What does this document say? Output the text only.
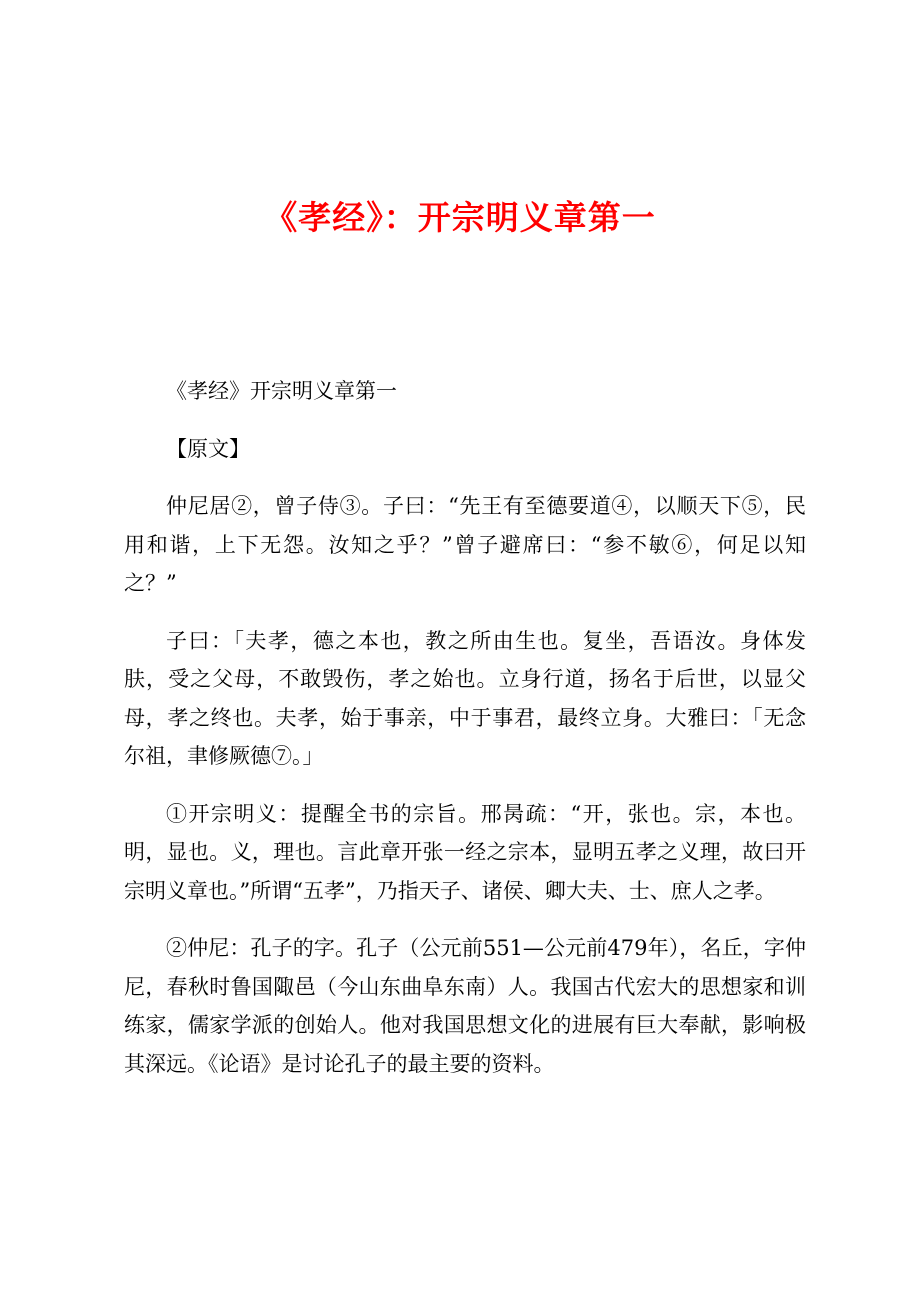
《孝经》：开宗明义章第一

《孝经》开宗明义章第一

【原文】

仲尼居②，曾子侍③。子曰：“先王有至德要道④，以顺天下⑤，民用和谐，上下无怨。汝知之乎？”曾子避席曰：“参不敏⑥，何足以知之？”

子曰：「夫孝，德之本也，教之所由生也。复坐，吾语汝。身体发肤，受之父母，不敢毁伤，孝之始也。立身行道，扬名于后世，以显父母，孝之终也。夫孝，始于事亲，中于事君，最终立身。大雅曰：「无念尔祖，聿修厥德⑦。」

①开宗明义：提醒全书的宗旨。邢昺疏：“开，张也。宗，本也。明，显也。义，理也。言此章开张一经之宗本，显明五孝之义理，故曰开宗明义章也。”所谓“五孝”，乃指天子、诸侯、卿大夫、士、庶人之孝。

②仲尼：孔子的字。孔子（公元前551—公元前479年），名丘，字仲尼，春秋时鲁国陬邑（今山东曲阜东南）人。我国古代宏大的思想家和训练家，儒家学派的创始人。他对我国思想文化的进展有巨大奉献，影响极其深远。《论语》是讨论孔子的最主要的资料。
